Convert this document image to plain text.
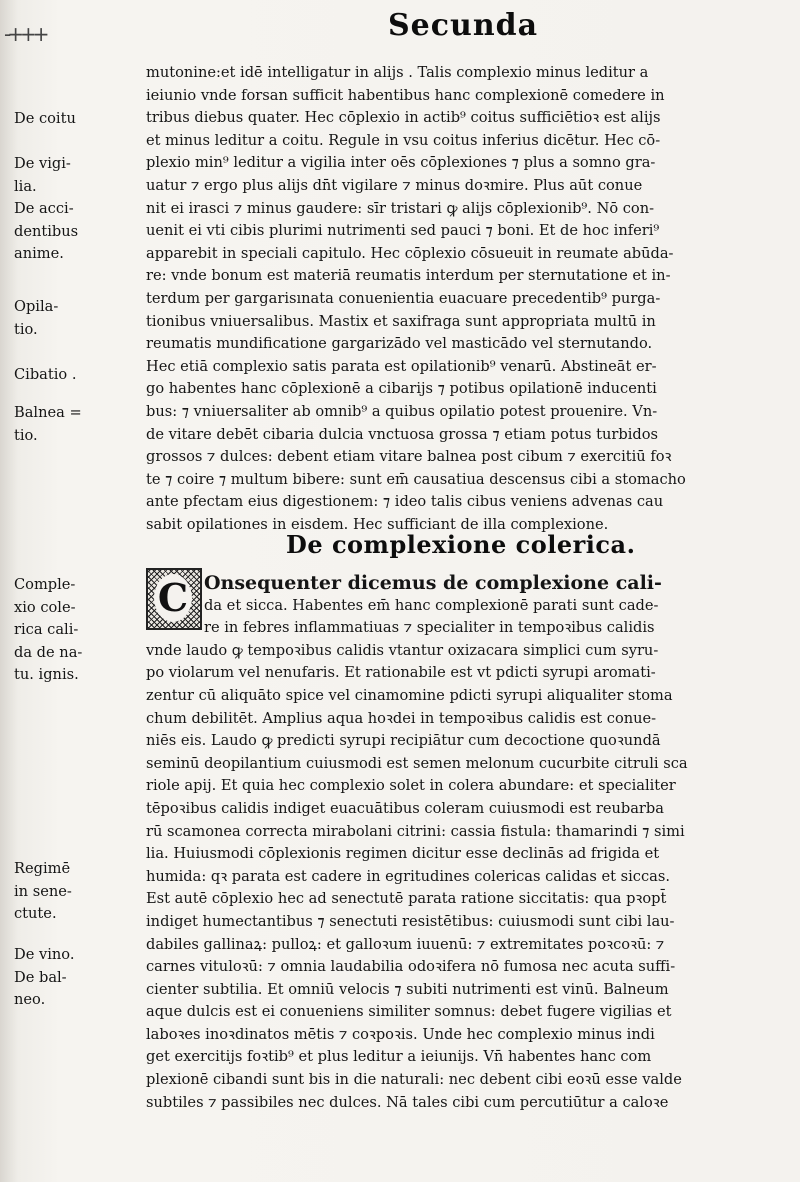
-+++	Secunda
mutonine:et idē intelligatur in alijs . Talis complexio minus leditur a
ieiunio vnde forsan sufficit habentibus hanc complexionē comedere in
tribus diebus quater. Hec cōplexio in actib⁹ coitus sufficiētioꝛ est alijs
et minus leditur a coitu. Regule in vsu coitus inferius dicētur. Hec cō-
plexio min⁹ leditur a vigilia inter oēs cōplexiones ⁊ plus a somno gra-
uatur ⁊ ergo plus alijs dn̄t vigilare ⁊ minus doꝛmire. Plus aūt conue
nit ei irasci ⁊ minus gaudere: sīr tristari ꝙ alijs cōplexionib⁹. Nō con-
uenit ei vti cibis plurimi nutrimenti sed pauci ⁊ boni. Et de hoc inferi⁹
apparebit in speciali capitulo. Hec cōplexio cōsueuit in reumate abūda-
re: vnde bonum est materiā reumatis interdum per sternutatione et in-
terdum per gargarisınata conuenientia euacuare precedentib⁹ purga-
tionibus vniuersalibus. Mastix et saxifraga sunt appropriata multū in
reumatis mundificatione gargarizādo vel masticādo vel sternutando.
Hec etiā complexio satis parata est opilationib⁹ venarū. Abstineāt er-
go habentes hanc cōplexionē a cibarijs ⁊ potibus opilationē inducenti
bus: ⁊ vniuersaliter ab omnib⁹ a quibus opilatio potest prouenire. Vn-
de vitare debēt cibaria dulcia vnctuosa grossa ⁊ etiam potus turbidos
grossos ⁊ dulces: debent etiam vitare balnea post cibum ⁊ exercitiū foꝛ
te ⁊ coire ⁊ multum bibere: sunt em̄ causatiua descensus cibi a stomacho
ante pfectam eius digestionem: ⁊ ideo talis cibus veniens advenas cau
sabit opilationes in eisdem. Hec sufficiant de illa complexione.
De coitu
De vigi-
lia.
De acci-
dentibus
anime.
Opila-
tio.
Cibatio .
Balnea =
tio.
De complexione colerica.
C Onsequenter dicemus de complexione cali-
da et sicca. Habentes em̄ hanc complexionē parati sunt cade-
re in febres inflammatiuas ⁊ specialiter in tempoꝛibus calidis
vnde laudo ꝙ tempoꝛibus calidis vtantur oxizacara simplici cum syru-
po violarum vel nenufaris. Et rationabile est vt pdicti syrupi aromati-
zentur cū aliquāto spice vel cinamomine pdicti syrupi aliqualiter stoma
chum debilitēt. Amplius aqua hoꝛdei in tempoꝛibus calidis est conue-
niēs eis. Laudo ꝙ predicti syrupi recipiātur cum decoctione quoꝛundā
seminū deopilantium cuiusmodi est semen melonum cucurbite citruli sca
riole apij. Et quia hec complexio solet in colera abundare: et specialiter
tēpoꝛibus calidis indiget euacuātibus coleram cuiusmodi est reubarba
rū scamonea correcta mirabolani citrini: cassia fistula: thamarindi ⁊ simi
lia. Huiusmodi cōplexionis regimen dicitur esse declinās ad frigida et
humida: qꝛ parata est cadere in egritudines colericas calidas et siccas.
Est autē cōplexio hec ad senectutē parata ratione siccitatis: qua pꝛopt̄
indiget humectantibus ⁊ senectuti resistētibus: cuiusmodi sunt cibi lau-
dabiles gallinaꝝ: pulloꝝ: et galloꝛum iuuenū: ⁊ extremitates poꝛcoꝛū: ⁊
carnes vituloꝛū: ⁊ omnia laudabilia odoꝛifera nō fumosa nec acuta suffi-
cienter subtilia. Et omniū velocis ⁊ subiti nutrimenti est vinū. Balneum
aque dulcis est ei conueniens similiter somnus: debet fugere vigilias et
laboꝛes inoꝛdinatos mētis ⁊ coꝛpoꝛis. Unde hec complexio minus indi
get exercitijs foꝛtib⁹ et plus leditur a ieiunijs. Vn̄ habentes hanc com
plexionē cibandi sunt bis in die naturali: nec debent cibi eoꝛū esse valde
subtiles ⁊ passibiles nec dulces. Nā tales cibi cum percutiūtur a caloꝛe
Comple-
xio cole-
rica cali-
da de na-
tu. ignis.
Regimē
in sene-
ctute.
De vino.
De bal-
neo.
